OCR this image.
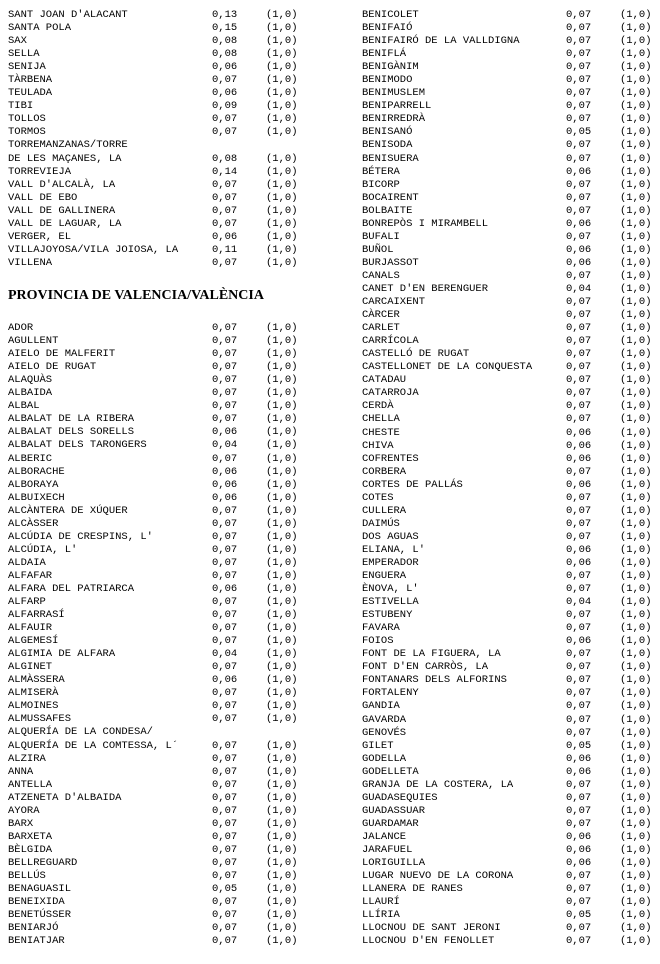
SANT JOAN D'ALACANT	0,13	(1,0)
SANTA POLA	0,15	(1,0)
SAX	0,08	(1,0)
SELLA	0,08	(1,0)
SENIJA	0,06	(1,0)
TÀRBENA	0,07	(1,0)
TEULADA	0,06	(1,0)
TIBI	0,09	(1,0)
TOLLOS	0,07	(1,0)
TORMOS	0,07	(1,0)
TORREMANZANAS/TORRE
DE LES MAÇANES, LA	0,08	(1,0)
TORREVIEJA	0,14	(1,0)
VALL D'ALCALÀ, LA	0,07	(1,0)
VALL DE EBO	0,07	(1,0)
VALL DE GALLINERA	0,07	(1,0)
VALL DE LAGUAR, LA	0,07	(1,0)
VERGER, EL	0,06	(1,0)
VILLAJOYOSA/VILA JOIOSA, LA	0,11	(1,0)
VILLENA	0,07	(1,0)
PROVINCIA DE VALENCIA/VALÈNCIA
ADOR	0,07	(1,0)
AGULLENT	0,07	(1,0)
AIELO DE MALFERIT	0,07	(1,0)
AIELO DE RUGAT	0,07	(1,0)
ALAQUÀS	0,07	(1,0)
ALBAIDA	0,07	(1,0)
ALBAL	0,07	(1,0)
ALBALAT DE LA RIBERA	0,07	(1,0)
ALBALAT DELS SORELLS	0,06	(1,0)
ALBALAT DELS TARONGERS	0,04	(1,0)
ALBERIC	0,07	(1,0)
ALBORACHE	0,06	(1,0)
ALBORAYA	0,06	(1,0)
ALBUIXECH	0,06	(1,0)
ALCÀNTERA DE XÚQUER	0,07	(1,0)
ALCÀSSER	0,07	(1,0)
ALCÚDIA DE CRESPINS, L'	0,07	(1,0)
ALCÚDIA, L'	0,07	(1,0)
ALDAIA	0,07	(1,0)
ALFAFAR	0,07	(1,0)
ALFARA DEL PATRIARCA	0,06	(1,0)
ALFARP	0,07	(1,0)
ALFARRASÍ	0,07	(1,0)
ALFAUIR	0,07	(1,0)
ALGEMESÍ	0,07	(1,0)
ALGIMIA DE ALFARA	0,04	(1,0)
ALGINET	0,07	(1,0)
ALMÀSSERA	0,06	(1,0)
ALMISERÀ	0,07	(1,0)
ALMOINES	0,07	(1,0)
ALMUSSAFES	0,07	(1,0)
ALQUERÍA DE LA CONDESA/
ALQUERÍA DE LA COMTESSA, L´	0,07	(1,0)
ALZIRA	0,07	(1,0)
ANNA	0,07	(1,0)
ANTELLA	0,07	(1,0)
ATZENETA D'ALBAIDA	0,07	(1,0)
AYORA	0,07	(1,0)
BARX	0,07	(1,0)
BARXETA	0,07	(1,0)
BÈLGIDA	0,07	(1,0)
BELLREGUARD	0,07	(1,0)
BELLÚS	0,07	(1,0)
BENAGUASIL	0,05	(1,0)
BENEIXIDA	0,07	(1,0)
BENETÚSSER	0,07	(1,0)
BENIARJÓ	0,07	(1,0)
BENIATJAR	0,07	(1,0)
BENICOLET	0,07	(1,0)
BENIFAIÓ	0,07	(1,0)
BENIFAIRÓ DE LA VALLDIGNA	0,07	(1,0)
BENIFLÁ	0,07	(1,0)
BENIGÀNIM	0,07	(1,0)
BENIMODO	0,07	(1,0)
BENIMUSLEM	0,07	(1,0)
BENIPARRELL	0,07	(1,0)
BENIRREDRÀ	0,07	(1,0)
BENISANÓ	0,05	(1,0)
BENISODA	0,07	(1,0)
BENISUERA	0,07	(1,0)
BÉTERA	0,06	(1,0)
BICORP	0,07	(1,0)
BOCAIRENT	0,07	(1,0)
BOLBAITE	0,07	(1,0)
BONREPÒS I MIRAMBELL	0,06	(1,0)
BUFALI	0,07	(1,0)
BUÑOL	0,06	(1,0)
BURJASSOT	0,06	(1,0)
CANALS	0,07	(1,0)
CANET D'EN BERENGUER	0,04	(1,0)
CARCAIXENT	0,07	(1,0)
CÀRCER	0,07	(1,0)
CARLET	0,07	(1,0)
CARRÍCOLA	0,07	(1,0)
CASTELLÓ DE RUGAT	0,07	(1,0)
CASTELLONET DE LA CONQUESTA	0,07	(1,0)
CATADAU	0,07	(1,0)
CATARROJA	0,07	(1,0)
CERDÀ	0,07	(1,0)
CHELLA	0,07	(1,0)
CHESTE	0,06	(1,0)
CHIVA	0,06	(1,0)
COFRENTES	0,06	(1,0)
CORBERA	0,07	(1,0)
CORTES DE PALLÁS	0,06	(1,0)
COTES	0,07	(1,0)
CULLERA	0,07	(1,0)
DAIMÚS	0,07	(1,0)
DOS AGUAS	0,07	(1,0)
ELIANA, L'	0,06	(1,0)
EMPERADOR	0,06	(1,0)
ENGUERA	0,07	(1,0)
ÈNOVA, L'	0,07	(1,0)
ESTIVELLA	0,04	(1,0)
ESTUBENY	0,07	(1,0)
FAVARA	0,07	(1,0)
FOIOS	0,06	(1,0)
FONT DE LA FIGUERA, LA	0,07	(1,0)
FONT D'EN CARRÒS, LA	0,07	(1,0)
FONTANARS DELS ALFORINS	0,07	(1,0)
FORTALENY	0,07	(1,0)
GANDIA	0,07	(1,0)
GAVARDA	0,07	(1,0)
GENOVÉS	0,07	(1,0)
GILET	0,05	(1,0)
GODELLA	0,06	(1,0)
GODELLETA	0,06	(1,0)
GRANJA DE LA COSTERA, LA	0,07	(1,0)
GUADASEQUIES	0,07	(1,0)
GUADASSUAR	0,07	(1,0)
GUARDAMAR	0,07	(1,0)
JALANCE	0,06	(1,0)
JARAFUEL	0,06	(1,0)
LORIGUILLA	0,06	(1,0)
LUGAR NUEVO DE LA CORONA	0,07	(1,0)
LLANERA DE RANES	0,07	(1,0)
LLAURÍ	0,07	(1,0)
LLÍRIA	0,05	(1,0)
LLOCNOU DE SANT JERONI	0,07	(1,0)
LLOCNOU D'EN FENOLLET	0,07	(1,0)
